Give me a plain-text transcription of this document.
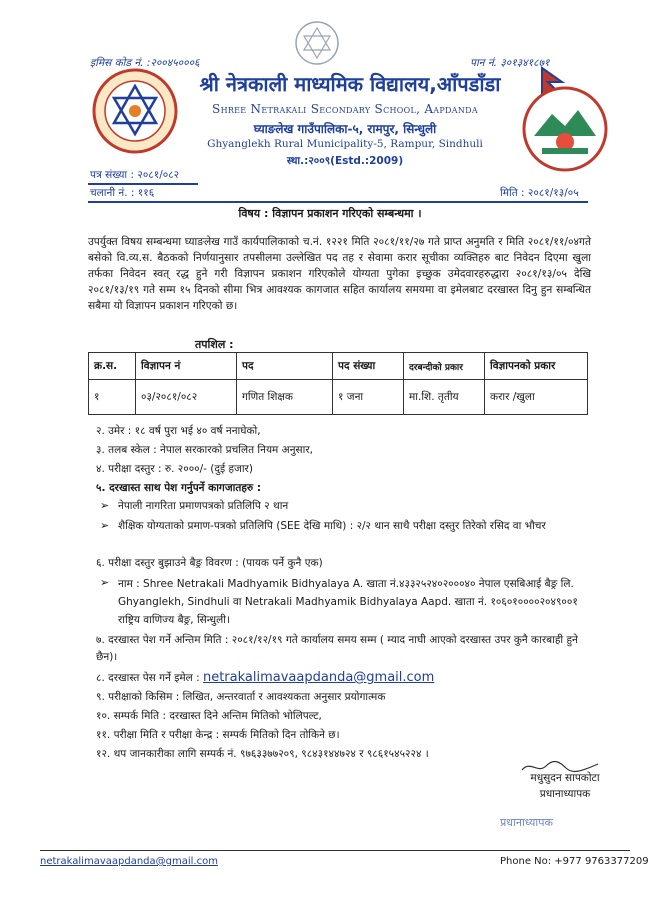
इमिस कोड नं. :२००४५०००६	पान नं. ३०१३४१८७१
श्री नेत्रकाली माध्यमिक विद्यालय,आँपडाँडा
Shree Netrakali Secondary School, Aapdanda
घ्याङलेख गाउँपालिका-५, रामपुर, सिन्धुली
Ghyanglekh Rural Municipality-5, Rampur, Sindhuli
स्था.:२००९(Estd.:2009)
पत्र संख्या : २०८१/०८२
चलानी नं. : ११६	मिति : २०८१/१३/०५
विषय : विज्ञापन प्रकाशन गरिएको सम्बन्धमा ।
उपर्युक्त विषय सम्बन्धमा घ्याङलेख गाउँ कार्यपालिकाको च.नं. १२२१ मिति २०८१/११/२७ गते प्राप्त अनुमति र मिति २०८१/११/०४गते बसेको वि.व्य.स. बैठकको निर्णयानुसार तपसीलमा उल्लेखित पद तह र सेवामा करार सूचीका व्यक्तिहरु बाट निवेदन दिएमा खुला तर्फका निवेदन स्वत् रद्ध हुने गरी विज्ञापन प्रकाशन गरिएकोले योग्यता पुगेका इच्छुक उमेदवारहरुद्धारा २०८१/१३/०५ देखि २०८१/१३/१९ गते सम्म १५ दिनको सीमा भित्र आवश्यक कागजात सहित कार्यालय समयमा वा इमेलबाट दरखास्त दिनु हुन सम्बन्धित सबैमा यो विज्ञापन प्रकाशन गरिएको छ।
तपशिल :
क्र.स.	विज्ञापन नं	पद	पद संख्या	दरबन्दीको प्रकार	विज्ञापनको प्रकार
१	०३/२०८१/०८२	गणित शिक्षक	१ जना	मा.शि. तृतीय	करार /खुला
२. उमेर : १८ वर्ष पुरा भई ४० वर्ष ननाघेको,
३. तलब स्केल : नेपाल सरकारको प्रचलित नियम अनुसार,
४. परीक्षा दस्तुर : रु. २०००/- (दुई हजार)
५. दरखास्त साथ पेश गर्नुपर्ने कागजातहरु :
➢ नेपाली नागरिता प्रमाणपत्रको प्रतिलिपि २ थान
➢ शैक्षिक योग्यताको प्रमाण-पत्रको प्रतिलिपि (SEE देखि माथि) : २/२ थान साथै परीक्षा दस्तुर तिरेको रसिद वा भौचर
६. परीक्षा दस्तुर बुझाउने बैङ्र विवरण : (पायक पर्ने कुनै एक)
➢ नाम : Shree Netrakali Madhyamik Bidhyalaya A. खाता नं.४३३२५२४०२०००४० नेपाल एसबिआई बैङ्र लि. Ghyanglekh, Sindhuli वा Netrakali Madhyamik Bidhyalaya Aapd. खाता नं. १०६०१००००२०४९००१ राष्ट्रिय वाणिज्य बैङ्र, सिन्धुली।
७. दरखास्त पेश गर्ने अन्तिम मिति : २०८१/१२/१९ गते कार्यालय समय सम्म ( म्याद नाघी आएको दरखास्त उपर कुनै कारबाही हुने छैन)।
८. दरखास्त पेस गर्ने इमेल : netrakalimavaapdanda@gmail.com
९. परीक्षाको किसिम : लिखित, अन्तरवार्ता र आवश्यकता अनुसार प्रयोगात्मक
१०. सम्पर्क मिति : दरखास्त दिने अन्तिम मितिको भोलिपल्ट,
११. परीक्षा मिति र परीक्षा केन्द्र : सम्पर्क मितिको दिन तोकिने छ।
१२. थप जानकारीका लागि सम्पर्क नं. ९७६३३७७२०९, ९८४३१४४७२४ र ९८६१५४५२२४ ।
मधुसुदन सापकोटा
प्रधानाध्यापक
प्रधानाध्यापक
netrakalimavaapdanda@gmail.com	Phone No: +977 9763377209
